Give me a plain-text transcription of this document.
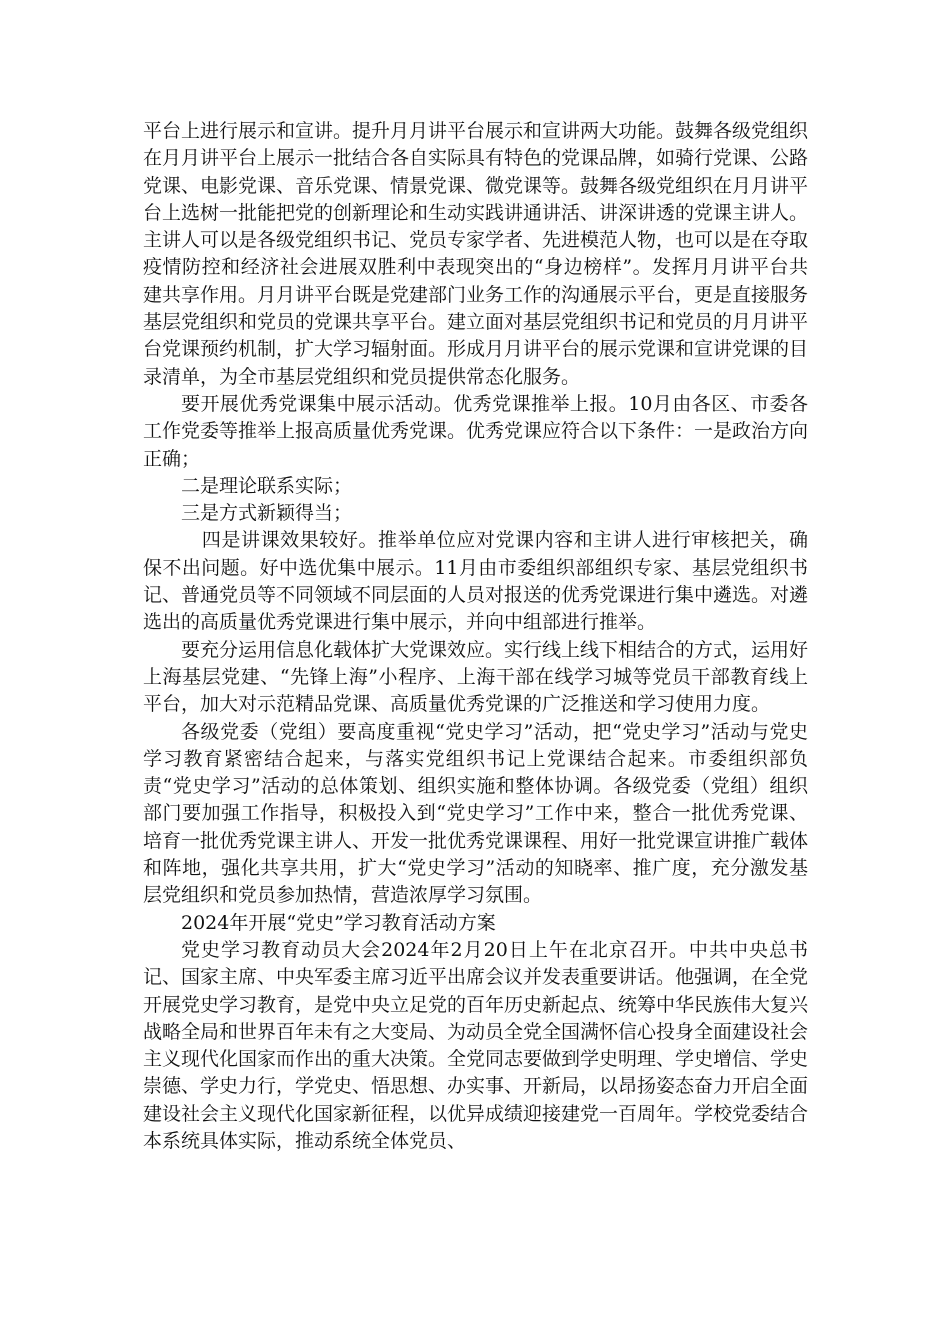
平台上进行展示和宣讲。提升月月讲平台展示和宣讲两大功能。鼓舞各级党组织在月月讲平台上展示一批结合各自实际具有特色的党课品牌，如骑行党课、公路党课、电影党课、音乐党课、情景党课、微党课等。鼓舞各级党组织在月月讲平台上选树一批能把党的创新理论和生动实践讲通讲活、讲深讲透的党课主讲人。主讲人可以是各级党组织书记、党员专家学者、先进模范人物，也可以是在夺取疫情防控和经济社会进展双胜利中表现突出的“身边榜样”。发挥月月讲平台共建共享作用。月月讲平台既是党建部门业务工作的沟通展示平台，更是直接服务基层党组织和党员的党课共享平台。建立面对基层党组织书记和党员的月月讲平台党课预约机制，扩大学习辐射面。形成月月讲平台的展示党课和宣讲党课的目录清单，为全市基层党组织和党员提供常态化服务。

要开展优秀党课集中展示活动。优秀党课推举上报。10月由各区、市委各工作党委等推举上报高质量优秀党课。优秀党课应符合以下条件：一是政治方向正确；

二是理论联系实际；

三是方式新颖得当；

四是讲课效果较好。推举单位应对党课内容和主讲人进行审核把关，确保不出问题。好中选优集中展示。11月由市委组织部组织专家、基层党组织书记、普通党员等不同领域不同层面的人员对报送的优秀党课进行集中遴选。对遴选出的高质量优秀党课进行集中展示，并向中组部进行推举。

要充分运用信息化载体扩大党课效应。实行线上线下相结合的方式，运用好上海基层党建、“先锋上海”小程序、上海干部在线学习城等党员干部教育线上平台，加大对示范精品党课、高质量优秀党课的广泛推送和学习使用力度。

各级党委（党组）要高度重视“党史学习”活动，把“党史学习”活动与党史学习教育紧密结合起来，与落实党组织书记上党课结合起来。市委组织部负责“党史学习”活动的总体策划、组织实施和整体协调。各级党委（党组）组织部门要加强工作指导，积极投入到“党史学习”工作中来，整合一批优秀党课、培育一批优秀党课主讲人、开发一批优秀党课课程、用好一批党课宣讲推广载体和阵地，强化共享共用，扩大“党史学习”活动的知晓率、推广度，充分激发基层党组织和党员参加热情，营造浓厚学习氛围。

2024年开展“党史”学习教育活动方案

党史学习教育动员大会2024年2月20日上午在北京召开。中共中央总书记、国家主席、中央军委主席习近平出席会议并发表重要讲话。他强调，在全党开展党史学习教育，是党中央立足党的百年历史新起点、统筹中华民族伟大复兴战略全局和世界百年未有之大变局、为动员全党全国满怀信心投身全面建设社会主义现代化国家而作出的重大决策。全党同志要做到学史明理、学史增信、学史崇德、学史力行，学党史、悟思想、办实事、开新局，以昂扬姿态奋力开启全面建设社会主义现代化国家新征程，以优异成绩迎接建党一百周年。学校党委结合本系统具体实际，推动系统全体党员、
